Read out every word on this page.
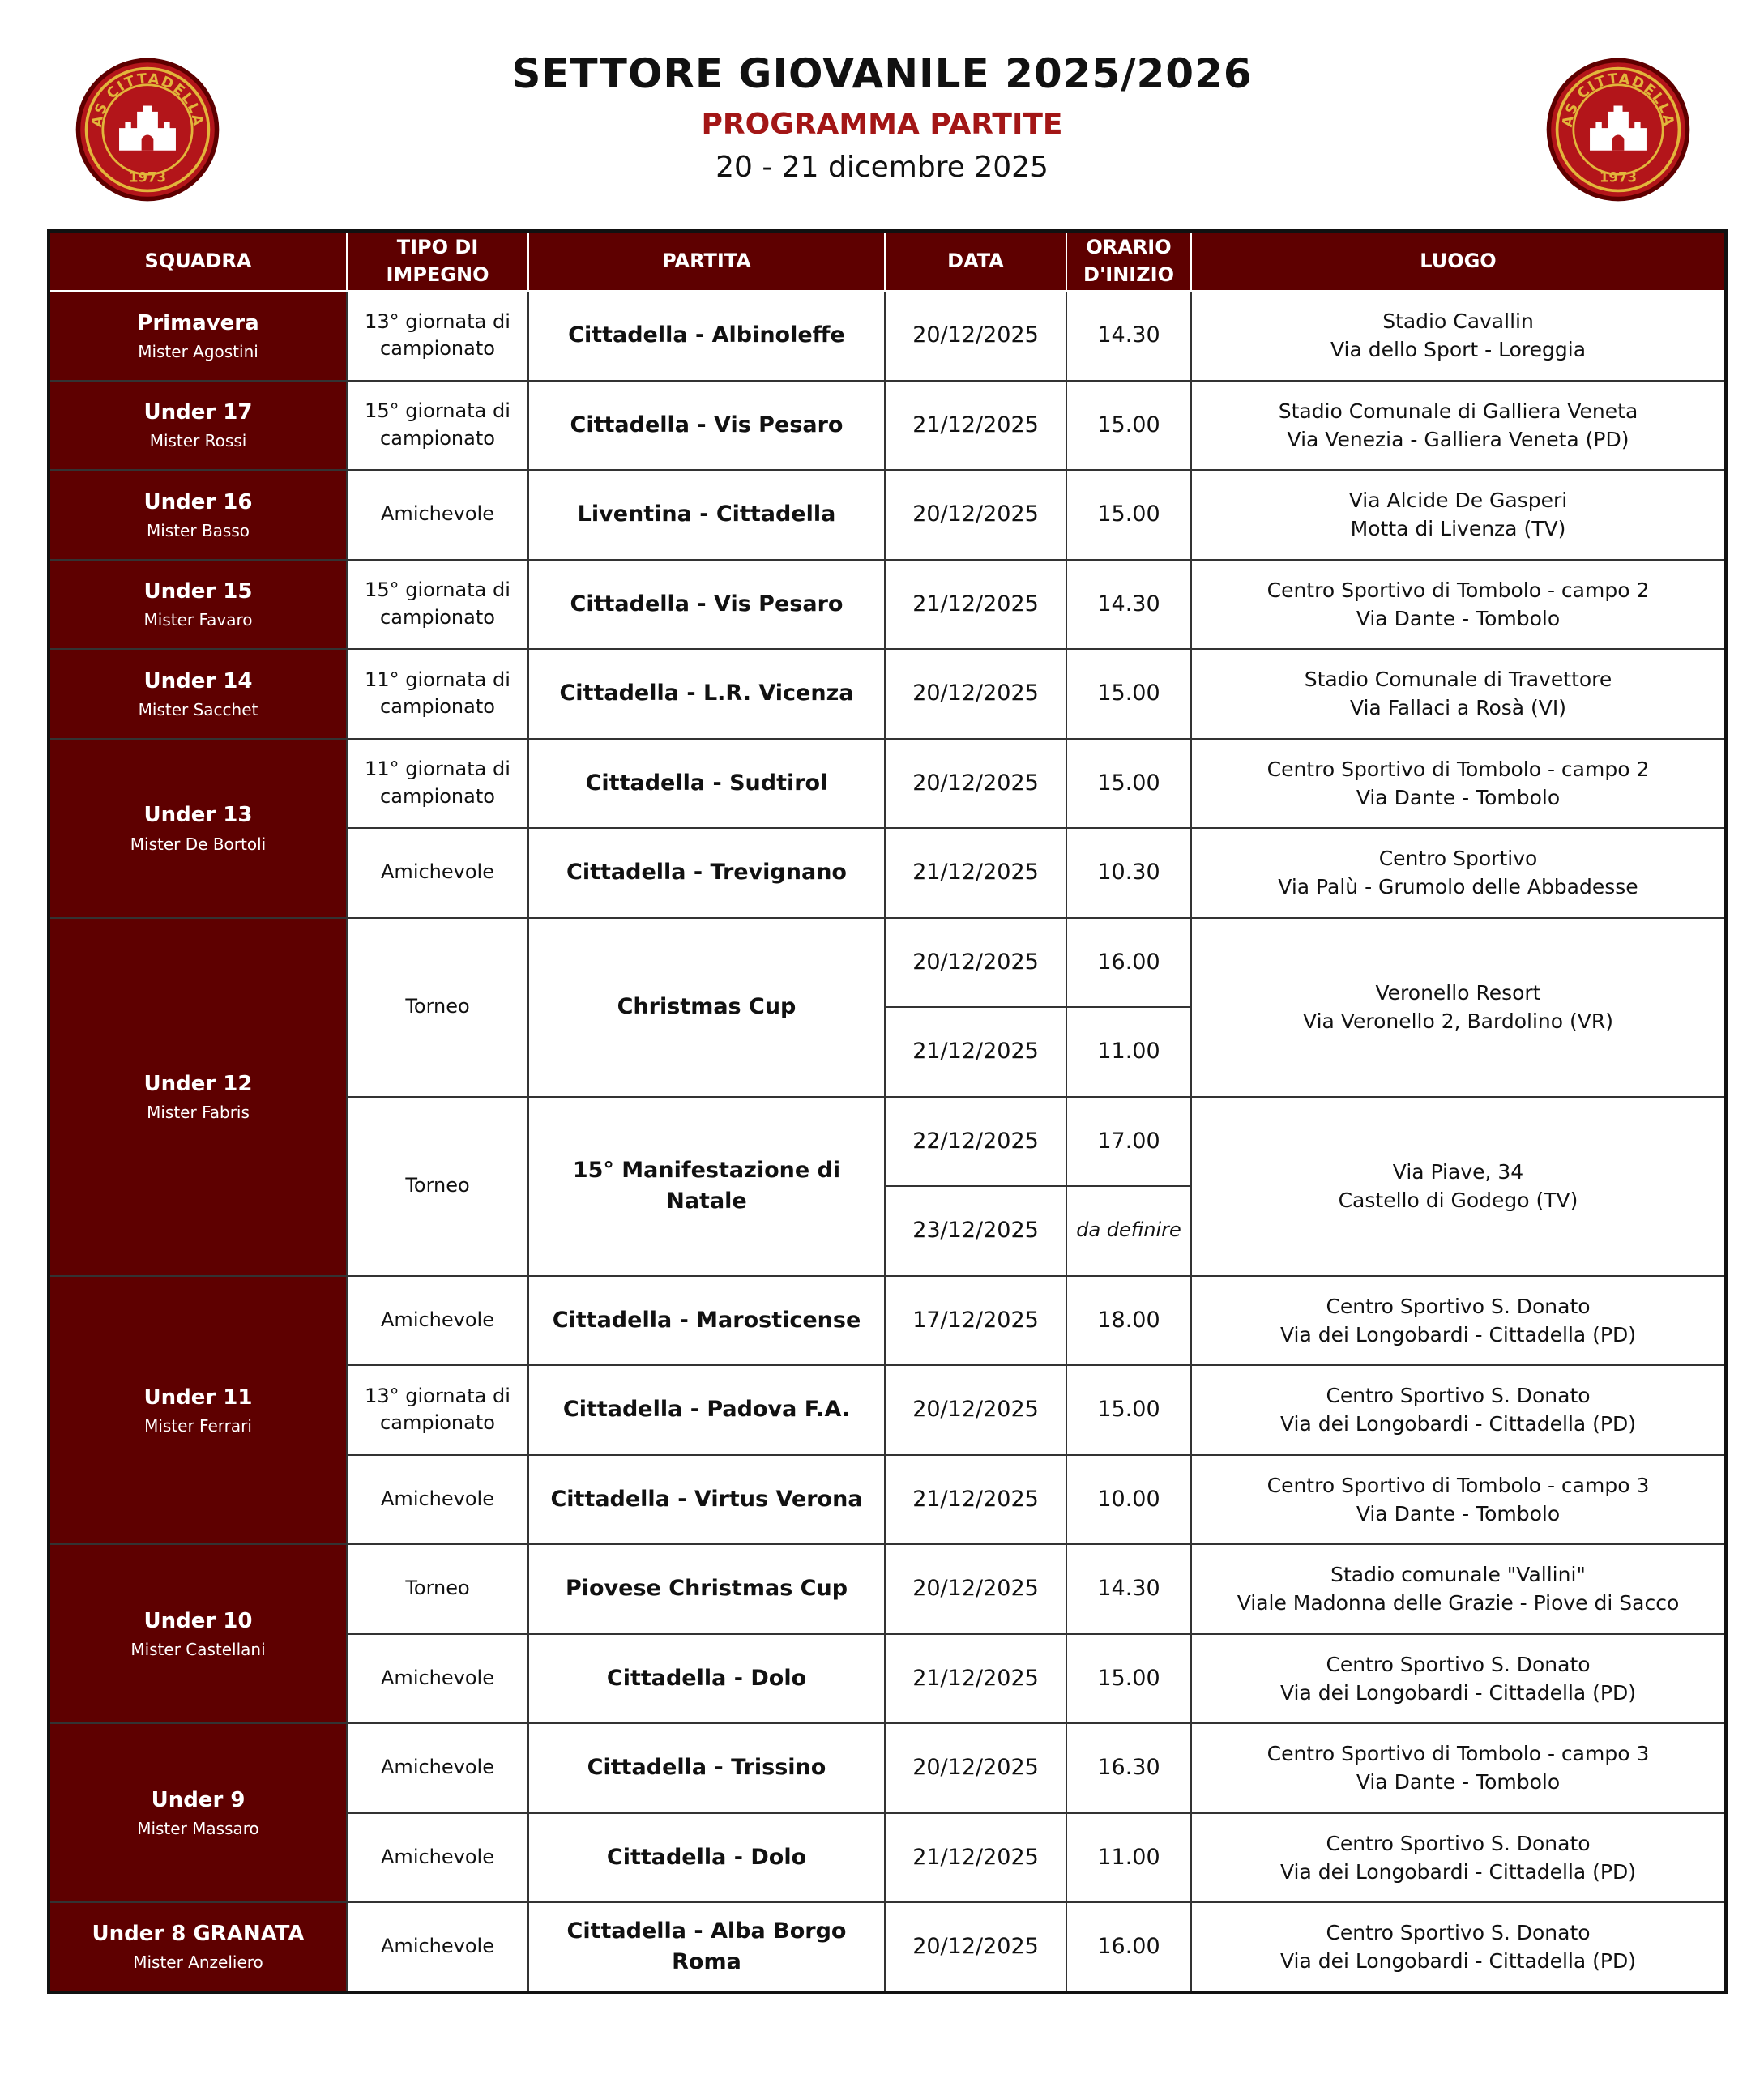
AS CITTADELLA
1973
SETTORE GIOVANILE 2025/2026
PROGRAMMA PARTITE
20 - 21 dicembre 2025
AS CITTADELLA
1973
SQUADRA	TIPO DI IMPEGNO	PARTITA	DATA	ORARIO D'INIZIO	LUOGO

Primavera
Mister Agostini	13° giornata di campionato	Cittadella - Albinoleffe	20/12/2025	14.30	Stadio Cavallin
Via dello Sport - Loreggia

Under 17
Mister Rossi	15° giornata di campionato	Cittadella - Vis Pesaro	21/12/2025	15.00	Stadio Comunale di Galliera Veneta
Via Venezia - Galliera Veneta (PD)

Under 16
Mister Basso	Amichevole	Liventina - Cittadella	20/12/2025	15.00	Via Alcide De Gasperi
Motta di Livenza (TV)

Under 15
Mister Favaro	15° giornata di campionato	Cittadella - Vis Pesaro	21/12/2025	14.30	Centro Sportivo di Tombolo - campo 2
Via Dante - Tombolo

Under 14
Mister Sacchet	11° giornata di campionato	Cittadella - L.R. Vicenza	20/12/2025	15.00	Stadio Comunale di Travettore
Via Fallaci a Rosà (VI)

Under 13
Mister De Bortoli	11° giornata di campionato	Cittadella - Sudtirol	20/12/2025	15.00	Centro Sportivo di Tombolo - campo 2
Via Dante - Tombolo

	Amichevole	Cittadella - Trevignano	21/12/2025	10.30	Centro Sportivo
Via Palù - Grumolo delle Abbadesse

Under 12
Mister Fabris	Torneo	Christmas Cup	20/12/2025	16.00	Veronello Resort
Via Veronello 2, Bardolino (VR)

			21/12/2025	11.00	
	Torneo	15° Manifestazione di Natale	22/12/2025	17.00	Via Piave, 34
Castello di Godego (TV)

			23/12/2025	da definire	

Under 11
Mister Ferrari	Amichevole	Cittadella - Marosticense	17/12/2025	18.00	Centro Sportivo S. Donato
Via dei Longobardi - Cittadella (PD)

	13° giornata di campionato	Cittadella - Padova F.A.	20/12/2025	15.00	Centro Sportivo S. Donato
Via dei Longobardi - Cittadella (PD)

	Amichevole	Cittadella - Virtus Verona	21/12/2025	10.00	Centro Sportivo di Tombolo - campo 3
Via Dante - Tombolo

Under 10
Mister Castellani	Torneo	Piovese Christmas Cup	20/12/2025	14.30	Stadio comunale "Vallini"
Viale Madonna delle Grazie - Piove di Sacco

	Amichevole	Cittadella - Dolo	21/12/2025	15.00	Centro Sportivo S. Donato
Via dei Longobardi - Cittadella (PD)

Under 9
Mister Massaro	Amichevole	Cittadella - Trissino	20/12/2025	16.30	Centro Sportivo di Tombolo - campo 3
Via Dante - Tombolo

	Amichevole	Cittadella - Dolo	21/12/2025	11.00	Centro Sportivo S. Donato
Via dei Longobardi - Cittadella (PD)

Under 8 GRANATA
Mister Anzeliero	Amichevole	Cittadella - Alba Borgo Roma	20/12/2025	16.00	Centro Sportivo S. Donato
Via dei Longobardi - Cittadella (PD)
